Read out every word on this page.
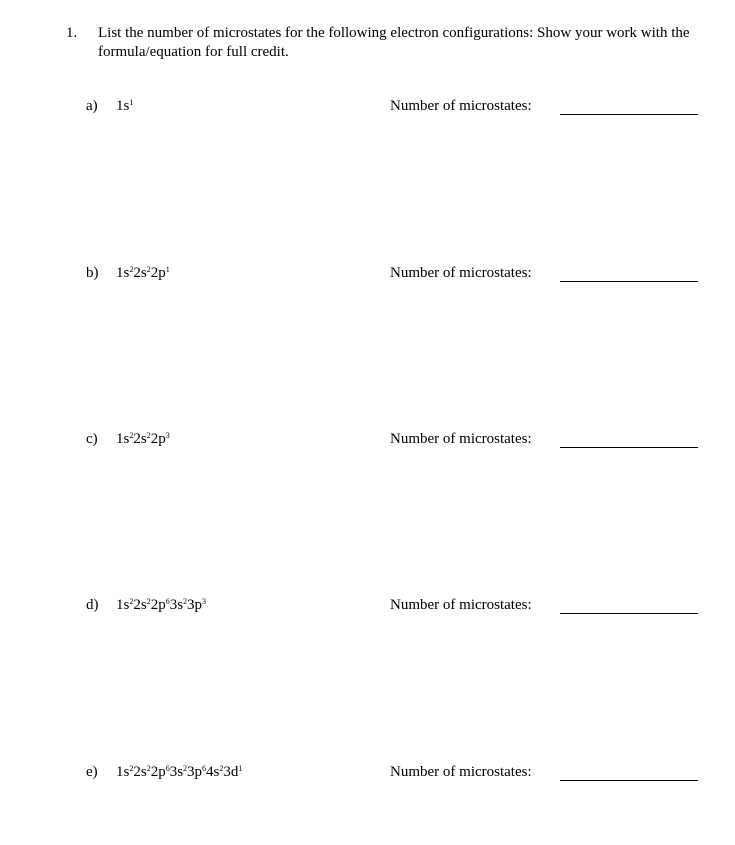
1. List the number of microstates for the following electron configurations: Show your work with the formula/equation for full credit.
a) $1s^1$	Number of microstates:
b) $1s^22s^22p^1$	Number of microstates:
c) $1s^22s^22p^3$	Number of microstates:
d) $1s^22s^22p^63s^23p^3$	Number of microstates:
e) $1s^22s^22p^63s^23p^64s^23d^1$	Number of microstates:
